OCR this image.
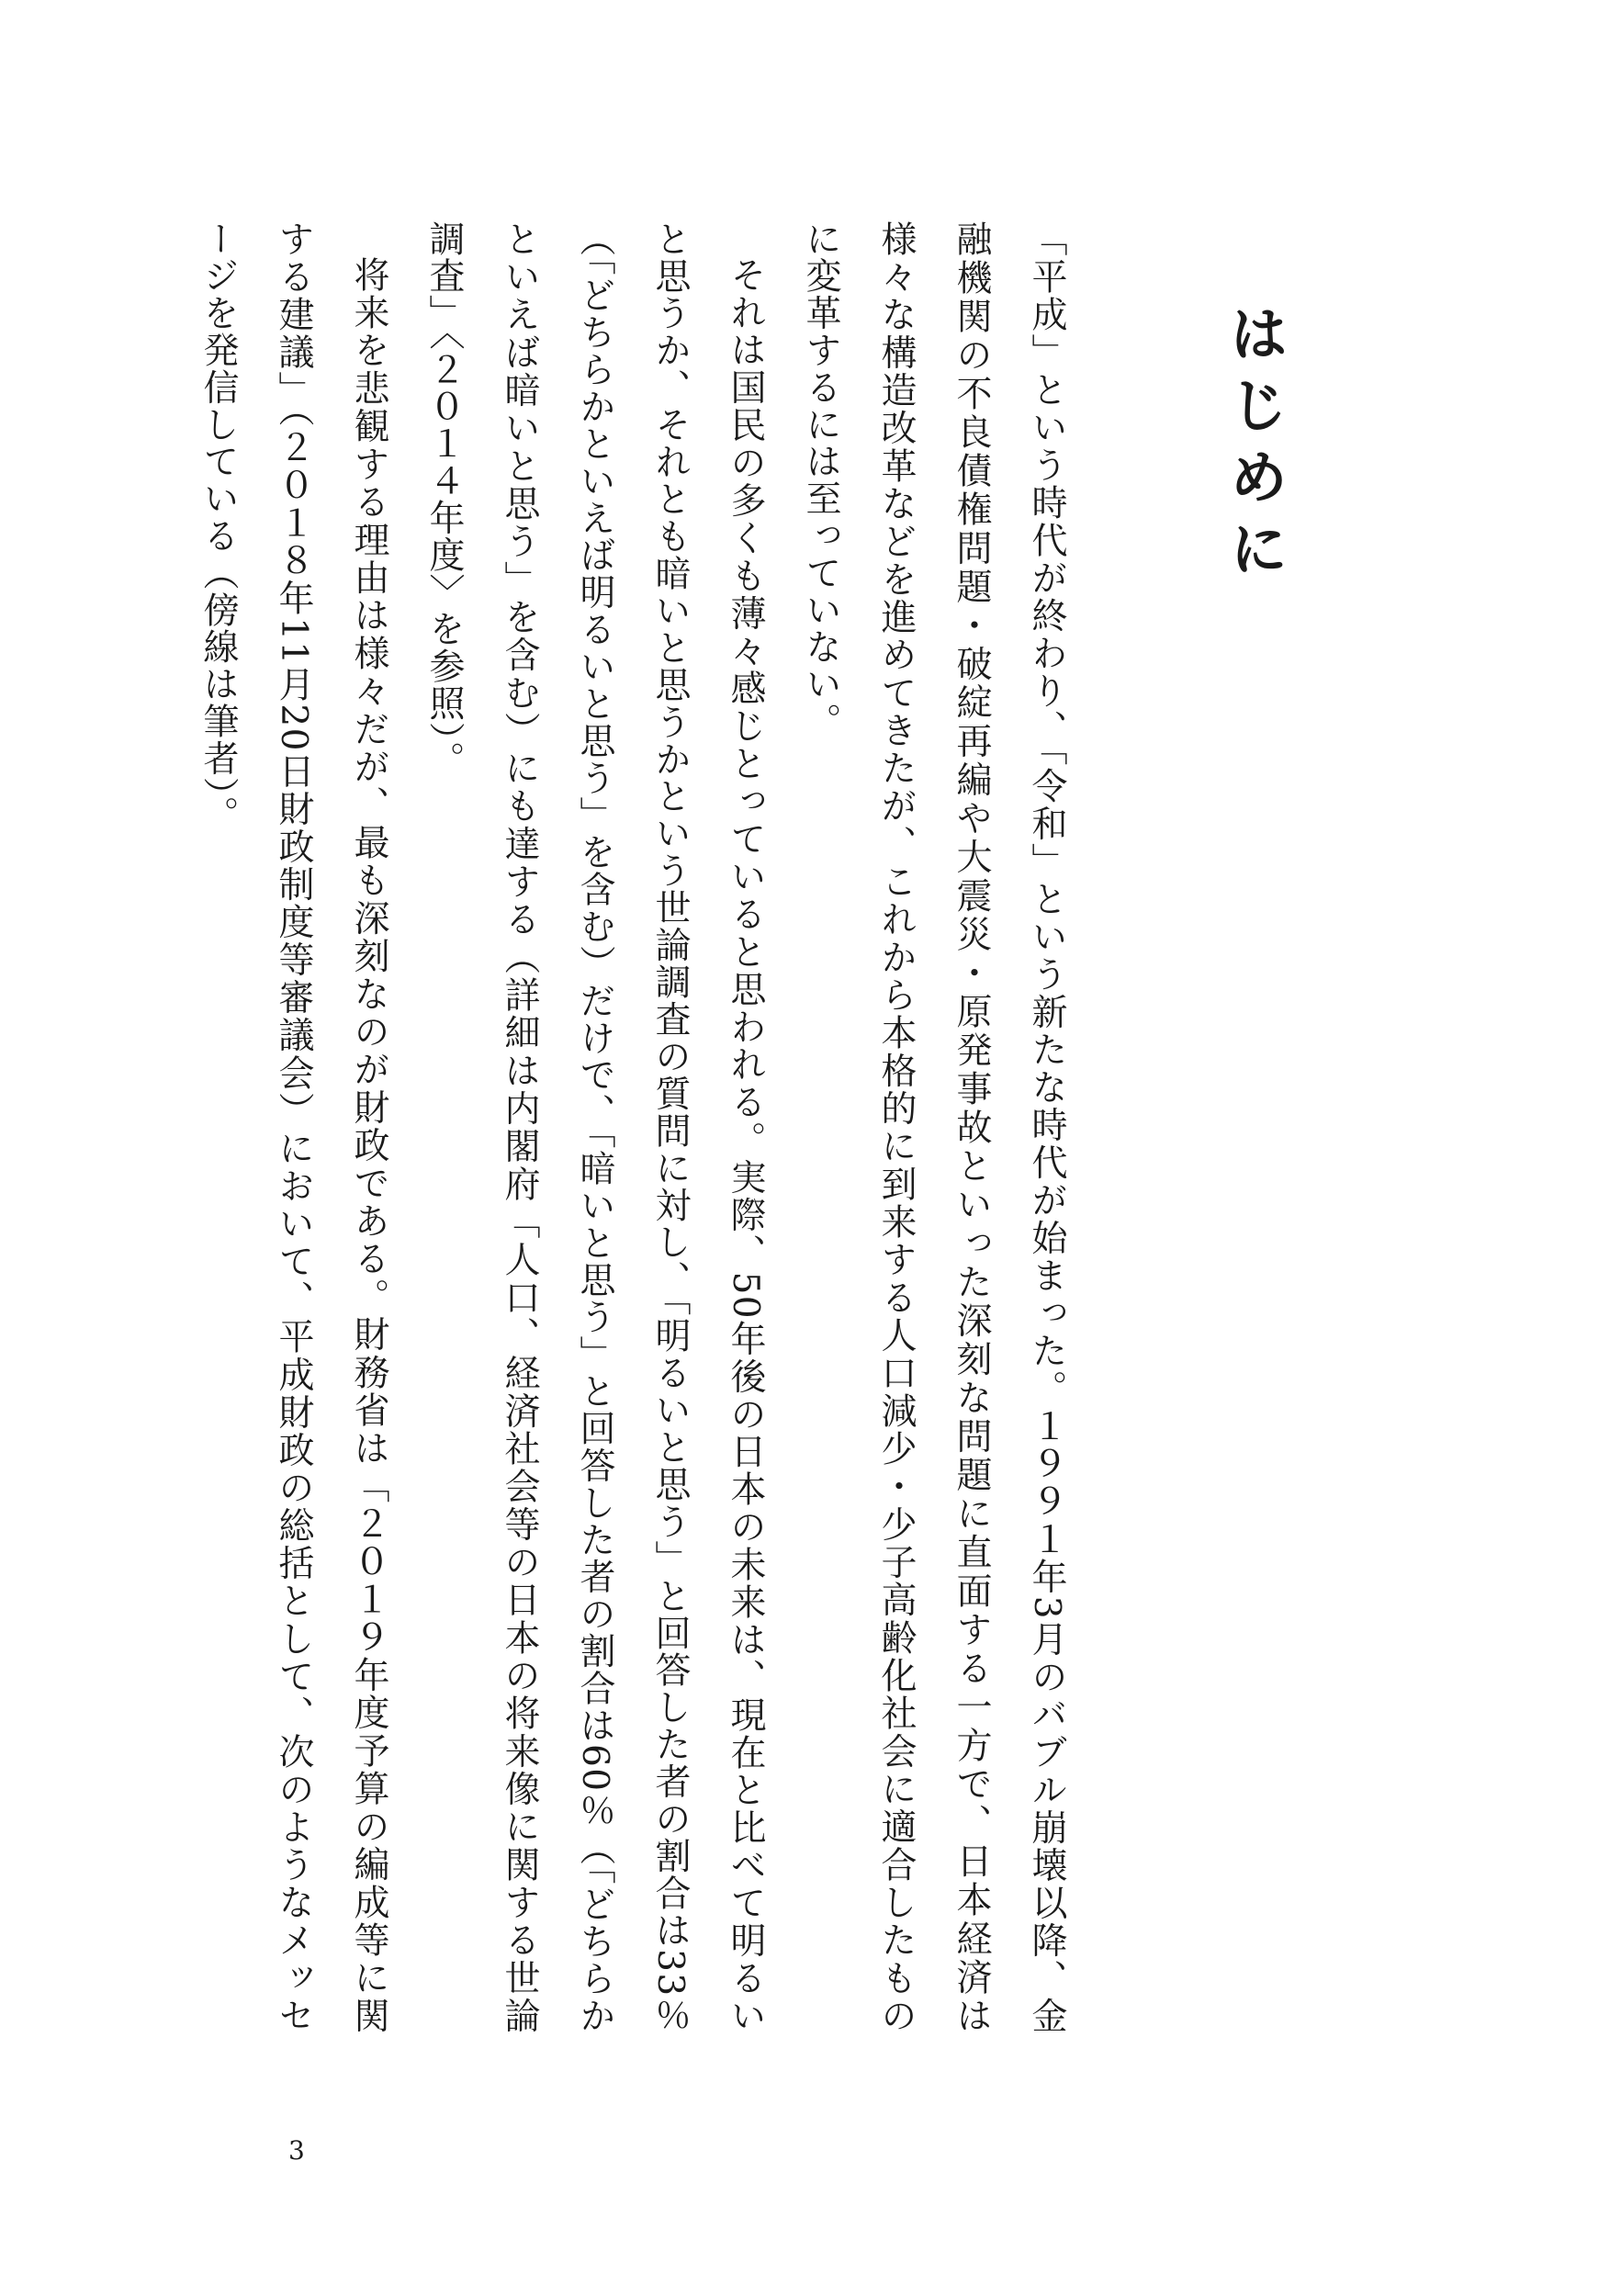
はじめに

「平成」という時代が終わり、「令和」という新たな時代が始まった。１９９１年3月のバブル崩壊以降、金融機関の不良債権問題・破綻再編や大震災・原発事故といった深刻な問題に直面する一方で、日本経済は様々な構造改革などを進めてきたが、これから本格的に到来する人口減少・少子高齢化社会に適合したものに変革するには至っていない。

それは国民の多くも薄々感じとっていると思われる。実際、50年後の日本の未来は、現在と比べて明るいと思うか、それとも暗いと思うかという世論調査の質問に対し、「明るいと思う」と回答した者の割合は33％（「どちらかといえば明るいと思う」を含む）だけで、「暗いと思う」と回答した者の割合は60％（「どちらかといえば暗いと思う」を含む）にも達する（詳細は内閣府「人口、経済社会等の日本の将来像に関する世論調査」〈２０１４年度〉を参照）。

将来を悲観する理由は様々だが、最も深刻なのが財政である。財務省は「２０１９年度予算の編成等に関する建議」（２０１８年11月20日財政制度等審議会）において、平成財政の総括として、次のようなメッセージを発信している（傍線は筆者）。

3
